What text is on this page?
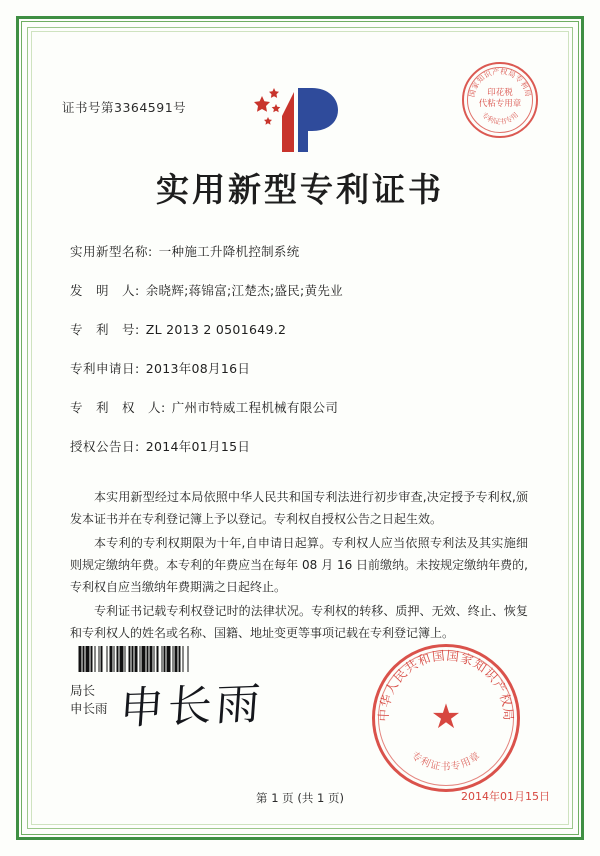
证书号第3364591号
国家知识产权局专利局
专利证书专用
印花税
代粘专用章
实用新型专利证书
实用新型名称: 一种施工升降机控制系统
发　明　人: 余晓辉;蒋锦富;江楚杰;盛民;黄先业
专　利　号: ZL 2013 2 0501649.2
专利申请日: 2013年08月16日
专　利　权　人: 广州市特威工程机械有限公司
授权公告日: 2014年01月15日

本实用新型经过本局依照中华人民共和国专利法进行初步审查,决定授予专利权,颁发本证书并在专利登记簿上予以登记。专利权自授权公告之日起生效。

本专利的专利权期限为十年,自申请日起算。专利权人应当依照专利法及其实施细则规定缴纳年费。本专利的年费应当在每年 08 月 16 日前缴纳。未按规定缴纳年费的,专利权自应当缴纳年费期满之日起终止。

专利证书记载专利权登记时的法律状况。专利权的转移、质押、无效、终止、恢复和专利权人的姓名或名称、国籍、地址变更等事项记载在专利登记簿上。

局长
申长雨 申长雨	中华人民共和国国家知识产权局
专利证书专用章
★
2014年01月15日
第 1 页 (共 1 页)
